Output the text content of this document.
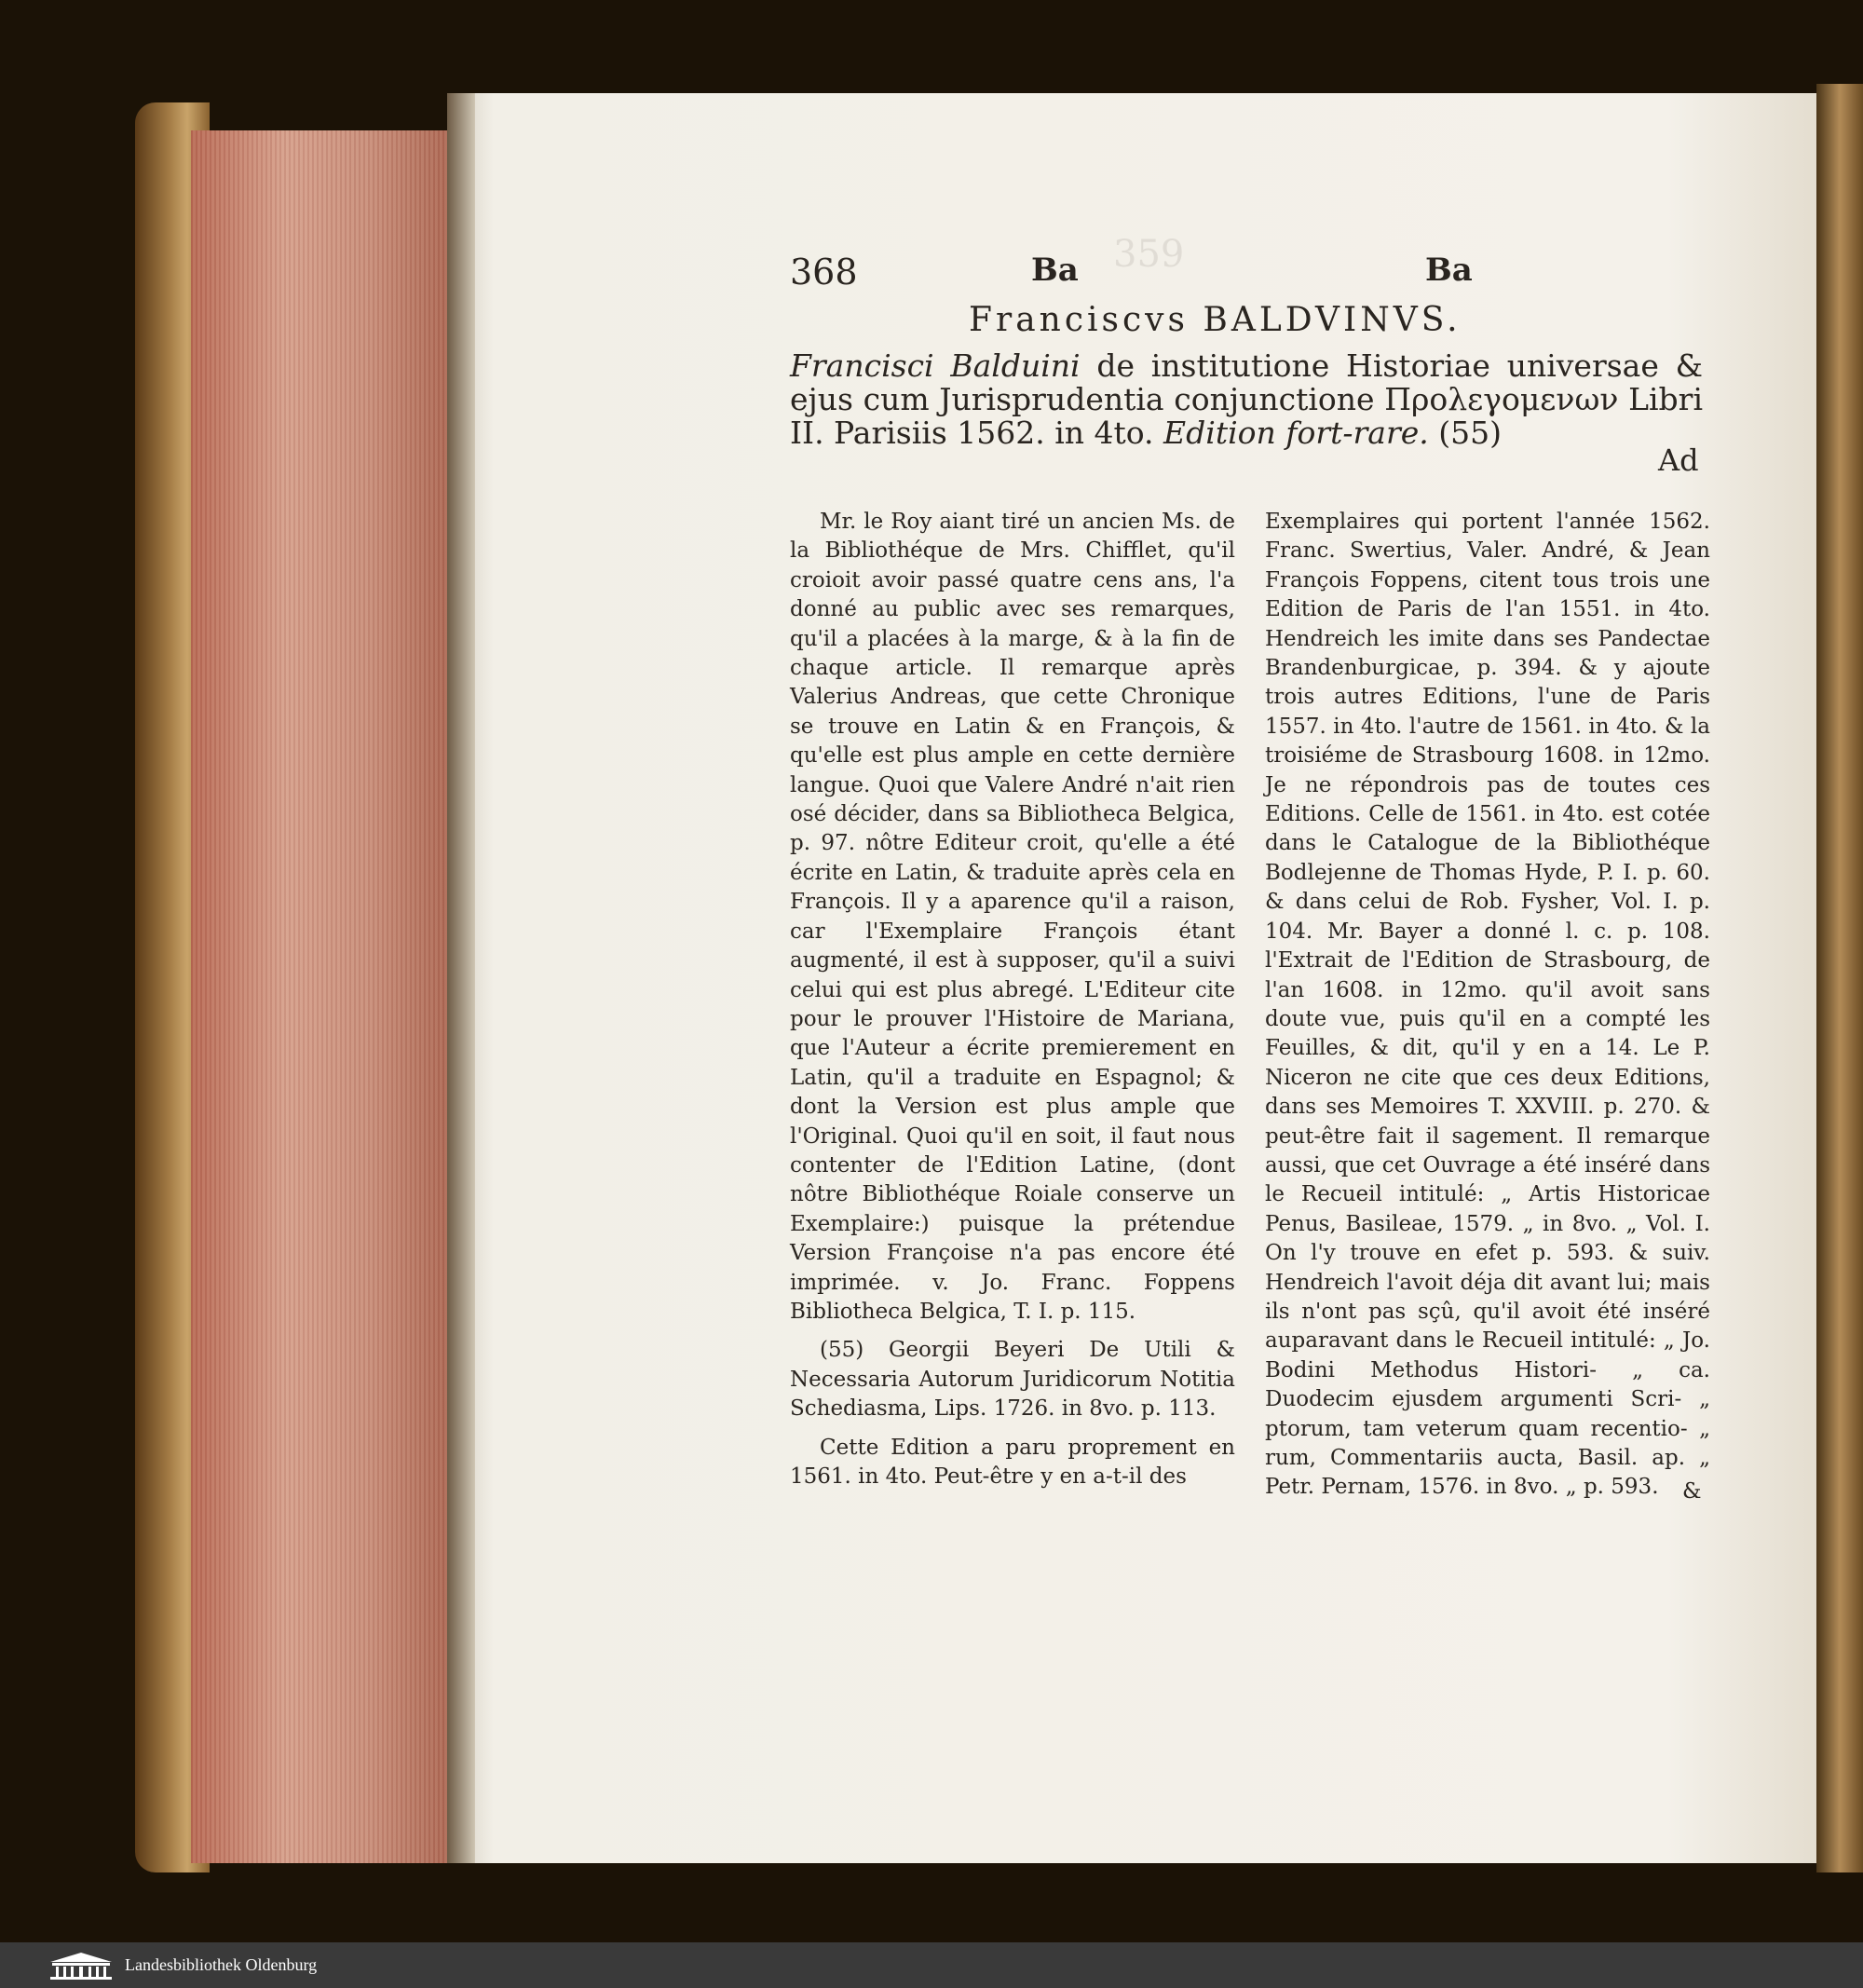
359
368	Ba	Ba
Franciscvs BALDVINVS.
Francisci Balduini de institutione Historiae universae & ejus cum Jurisprudentia conjunctione Πρoλεγομενων Libri II. Parisiis 1562. in 4to. Edition fort-rare. (55)
Ad

Mr. le Roy aiant tiré un ancien Ms. de la Bibliothéque de Mrs. Chifflet, qu'il croioit avoir passé quatre cens ans, l'a donné au public avec ses remarques, qu'il a placées à la marge, & à la fin de chaque article. Il remarque après Valerius Andreas, que cette Chronique se trouve en Latin & en François, & qu'elle est plus ample en cette dernière langue. Quoi que Valere André n'ait rien osé décider, dans sa Bibliotheca Belgica, p. 97. nôtre Editeur croit, qu'elle a été écrite en Latin, & traduite après cela en François. Il y a aparence qu'il a raison, car l'Exemplaire François étant augmenté, il est à supposer, qu'il a suivi celui qui est plus abregé. L'Editeur cite pour le prouver l'Histoire de Mariana, que l'Auteur a écrite premierement en Latin, qu'il a traduite en Espagnol; & dont la Version est plus ample que l'Original. Quoi qu'il en soit, il faut nous contenter de l'Edition Latine, (dont nôtre Bibliothéque Roiale conserve un Exemplaire:) puisque la prétendue Version Françoise n'a pas encore été imprimée. v. Jo. Franc. Foppens Bibliotheca Belgica, T. I. p. 115.

(55) Georgii Beyeri De Utili & Necessaria Autorum Juridicorum Notitia Schediasma, Lips. 1726. in 8vo. p. 113.

Cette Edition a paru proprement en 1561. in 4to. Peut-être y en a-t-il des

Exemplaires qui portent l'année 1562. Franc. Swertius, Valer. André, & Jean François Foppens, citent tous trois une Edition de Paris de l'an 1551. in 4to. Hendreich les imite dans ses Pandectae Brandenburgicae, p. 394. & y ajoute trois autres Editions, l'une de Paris 1557. in 4to. l'autre de 1561. in 4to. & la troisiéme de Strasbourg 1608. in 12mo. Je ne répondrois pas de toutes ces Editions. Celle de 1561. in 4to. est cotée dans le Catalogue de la Bibliothéque Bodlejenne de Thomas Hyde, P. I. p. 60. & dans celui de Rob. Fysher, Vol. I. p. 104. Mr. Bayer a donné l. c. p. 108. l'Extrait de l'Edition de Strasbourg, de l'an 1608. in 12mo. qu'il avoit sans doute vue, puis qu'il en a compté les Feuilles, & dit, qu'il y en a 14. Le P. Niceron ne cite que ces deux Editions, dans ses Memoires T. XXVIII. p. 270. & peut-être fait il sagement. Il remarque aussi, que cet Ouvrage a été inséré dans le Recueil intitulé: „ Artis Historicae Penus, Basileae, 1579. „ in 8vo. „ Vol. I. On l'y trouve en efet p. 593. & suiv. Hendreich l'avoit déja dit avant lui; mais ils n'ont pas sçû, qu'il avoit été inséré auparavant dans le Recueil intitulé: „ Jo. Bodini Methodus Histori- „ ca. Duodecim ejusdem argumenti Scri- „ ptorum, tam veterum quam recentio- „ rum, Commentariis aucta, Basil. ap. „ Petr. Pernam, 1576. in 8vo. „ p. 593.	&
Landesbibliothek Oldenburg
